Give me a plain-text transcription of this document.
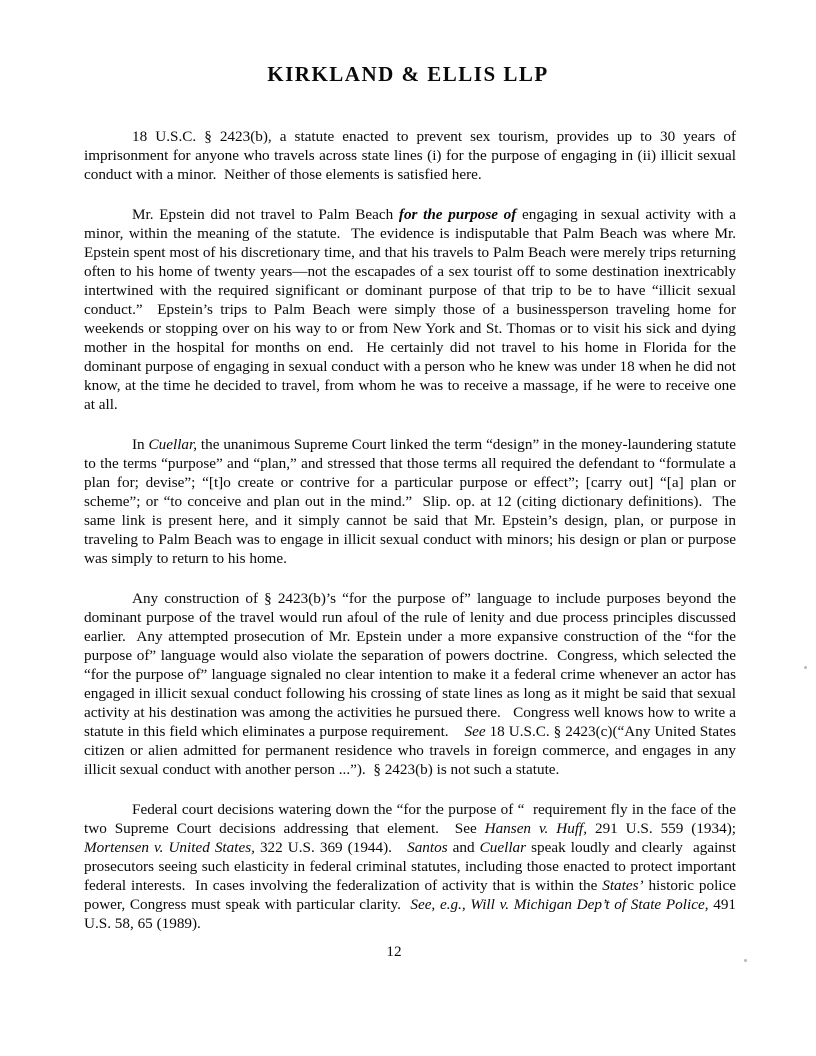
KIRKLAND & ELLIS LLP

18 U.S.C. § 2423(b), a statute enacted to prevent sex tourism, provides up to 30 years of imprisonment for anyone who travels across state lines (i) for the purpose of engaging in (ii) illicit sexual conduct with a minor.  Neither of those elements is satisfied here.

Mr. Epstein did not travel to Palm Beach for the purpose of engaging in sexual activity with a minor, within the meaning of the statute.  The evidence is indisputable that Palm Beach was where Mr. Epstein spent most of his discretionary time, and that his travels to Palm Beach were merely trips returning often to his home of twenty years—not the escapades of a sex tourist off to some destination inextricably intertwined with the required significant or dominant purpose of that trip to be to have “illicit sexual conduct.”  Epstein’s trips to Palm Beach were simply those of a businessperson traveling home for weekends or stopping over on his way to or from New York and St. Thomas or to visit his sick and dying mother in the hospital for months on end.  He certainly did not travel to his home in Florida for the dominant purpose of engaging in sexual conduct with a person who he knew was under 18 when he did not know, at the time he decided to travel, from whom he was to receive a massage, if he were to receive one at all.

In Cuellar, the unanimous Supreme Court linked the term “design” in the money-laundering statute to the terms “purpose” and “plan,” and stressed that those terms all required the defendant to “formulate a plan for; devise”; “[t]o create or contrive for a particular purpose or effect”; [carry out] “[a] plan or scheme”; or “to conceive and plan out in the mind.”  Slip. op. at 12 (citing dictionary definitions).  The same link is present here, and it simply cannot be said that Mr. Epstein’s design, plan, or purpose in traveling to Palm Beach was to engage in illicit sexual conduct with minors; his design or plan or purpose was simply to return to his home.

Any construction of § 2423(b)’s “for the purpose of” language to include purposes beyond the dominant purpose of the travel would run afoul of the rule of lenity and due process principles discussed earlier.  Any attempted prosecution of Mr. Epstein under a more expansive construction of the “for the purpose of” language would also violate the separation of powers doctrine.  Congress, which selected the “for the purpose of” language signaled no clear intention to make it a federal crime whenever an actor has engaged in illicit sexual conduct following his crossing of state lines as long as it might be said that sexual activity at his destination was among the activities he pursued there.   Congress well knows how to write a statute in this field which eliminates a purpose requirement.    See 18 U.S.C. § 2423(c)(“Any United States citizen or alien admitted for permanent residence who travels in foreign commerce, and engages in any illicit sexual conduct with another person ...”).  § 2423(b) is not such a statute.

Federal court decisions watering down the “for the purpose of “  requirement fly in the face of the two Supreme Court decisions addressing that element.  See Hansen v. Huff, 291 U.S. 559 (1934); Mortensen v. United States, 322 U.S. 369 (1944).   Santos and Cuellar speak loudly and clearly  against prosecutors seeing such elasticity in federal criminal statutes, including those enacted to protect important federal interests.  In cases involving the federalization of activity that is within the States’ historic police power, Congress must speak with particular clarity.  See, e.g., Will v. Michigan Dep’t of State Police, 491 U.S. 58, 65 (1989).

12
